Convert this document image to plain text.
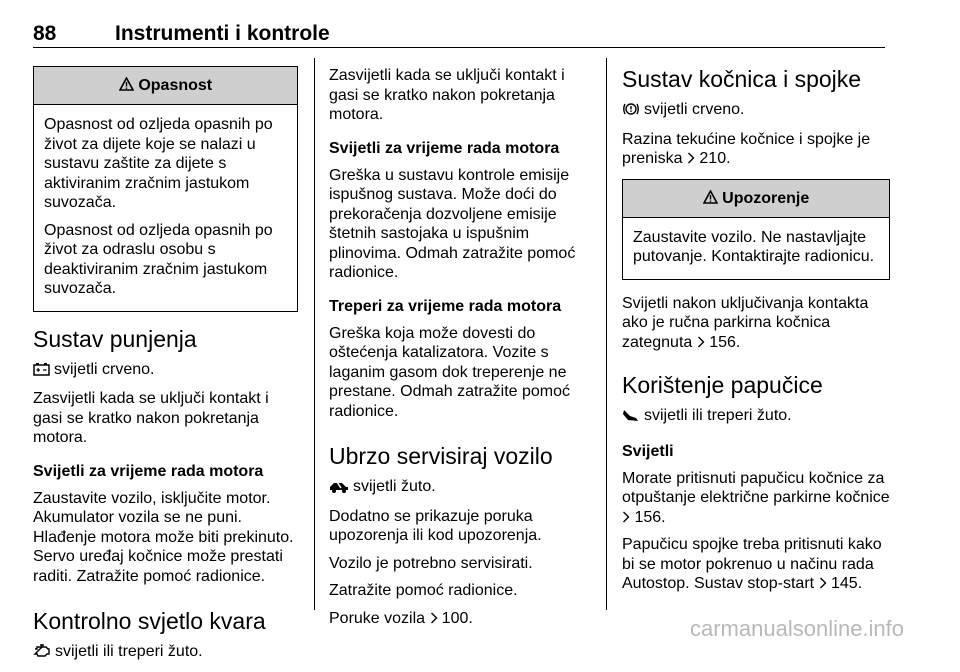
88	Instrumenti i kontrole
Opasnost

Opasnost od ozljeda opasnih po život za dijete koje se nalazi u sustavu zaštite za dijete s aktiviranim zračnim jastukom suvozača.

Opasnost od ozljeda opasnih po život za odraslu osobu s deaktiviranim zračnim jastukom suvozača.

Sustav punjenja

svijetli crveno.

Zasvijetli kada se uključi kontakt i gasi se kratko nakon pokretanja motora.

Svijetli za vrijeme rada motora

Zaustavite vozilo, isključite motor. Akumulator vozila se ne puni. Hlađenje motora može biti prekinuto. Servo uređaj kočnice može prestati raditi. Zatražite pomoć radionice.

Kontrolno svjetlo kvara

svijetli ili treperi žuto.

Zasvijetli kada se uključi kontakt i gasi se kratko nakon pokretanja motora.

Svijetli za vrijeme rada motora

Greška u sustavu kontrole emisije ispušnog sustava. Može doći do prekoračenja dozvoljene emisije štetnih sastojaka u ispušnim plinovima. Odmah zatražite pomoć radionice.

Treperi za vrijeme rada motora

Greška koja može dovesti do oštećenja katalizatora. Vozite s laganim gasom dok treperenje ne prestane. Odmah zatražite pomoć radionice.

Ubrzo servisiraj vozilo

svijetli žuto.

Dodatno se prikazuje poruka upozorenja ili kod upozorenja.

Vozilo je potrebno servisirati.

Zatražite pomoć radionice.

Poruke vozila 100.

Sustav kočnica i spojke

svijetli crveno.

Razina tekućine kočnice i spojke je preniska 210.

Upozorenje

Zaustavite vozilo. Ne nastavljajte putovanje. Kontaktirajte radionicu.

Svijetli nakon uključivanja kontakta ako je ručna parkirna kočnica zategnuta 156.

Korištenje papučice

svijetli ili treperi žuto.

Svijetli

Morate pritisnuti papučicu kočnice za otpuštanje električne parkirne kočnice  156.

Papučicu spojke treba pritisnuti kako bi se motor pokrenuo u načinu rada Autostop. Sustav stop-start 145.

carmanualsonline.info
